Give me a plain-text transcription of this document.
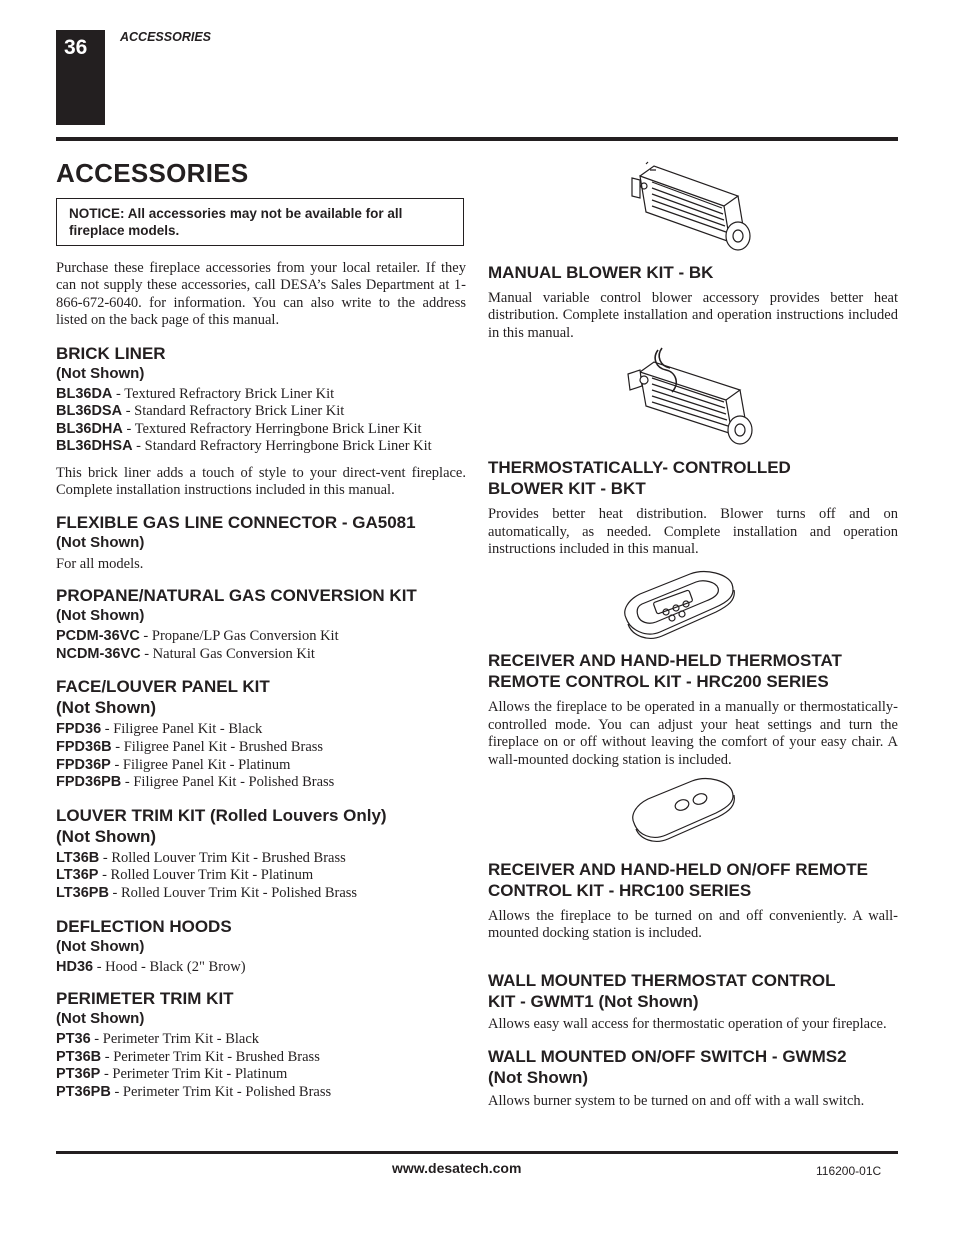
36	ACCESSORIES
ACCESSORIES
NOTICE: All accessories may not be available for all fireplace models.

Purchase these fireplace accessories from your local retailer. If they can not supply these accessories, call DESA’s Sales Department at 1-866-672-6040. for information. You can also write to the address listed on the back page of this manual.

BRICK LINER

(Not Shown)

BL36DA - Textured Refractory Brick Liner Kit

BL36DSA - Standard Refractory Brick Liner Kit

BL36DHA - Textured Refractory Herringbone Brick Liner Kit

BL36DHSA - Standard Refractory Herringbone Brick Liner Kit

This brick liner adds a touch of style to your direct-vent fireplace. Complete installation instructions included in this manual.

FLEXIBLE GAS LINE CONNECTOR - GA5081

(Not Shown)

For all models.

PROPANE/NATURAL GAS CONVERSION KIT

(Not Shown)

PCDM-36VC - Propane/LP Gas Conversion Kit

NCDM-36VC - Natural Gas Conversion Kit

FACE/LOUVER PANEL KIT

(Not Shown)

FPD36 - Filigree Panel Kit - Black

FPD36B - Filigree Panel Kit - Brushed Brass

FPD36P - Filigree Panel Kit - Platinum

FPD36PB - Filigree Panel Kit - Polished Brass

LOUVER TRIM KIT (Rolled Louvers Only)

(Not Shown)

LT36B - Rolled Louver Trim Kit - Brushed Brass

LT36P - Rolled Louver Trim Kit - Platinum

LT36PB - Rolled Louver Trim Kit - Polished Brass

DEFLECTION HOODS

(Not Shown)

HD36 - Hood - Black (2" Brow)

PERIMETER TRIM KIT

(Not Shown)

PT36 - Perimeter Trim Kit - Black

PT36B - Perimeter Trim Kit - Brushed Brass

PT36P - Perimeter Trim Kit - Platinum

PT36PB - Perimeter Trim Kit - Polished Brass

MANUAL BLOWER KIT - BK

Manual variable control blower accessory provides better heat distribution. Complete installation and operation instructions included in this manual.

THERMOSTATICALLY- CONTROLLED

BLOWER KIT - BKT

Provides better heat distribution. Blower turns off and on automatically, as needed. Complete installation and operation instructions included in this manual.

RECEIVER AND HAND-HELD THERMOSTAT

REMOTE CONTROL KIT - HRC200 SERIES

Allows the fireplace to be operated in a manually or thermostatically-controlled mode. You can adjust your heat settings and turn the fireplace on or off without leaving the comfort of your easy chair. A wall-mounted docking station is included.

RECEIVER AND HAND-HELD ON/OFF REMOTE

CONTROL KIT - HRC100 SERIES

Allows the fireplace to be turned on and off conveniently. A wall-mounted docking station is included.

WALL MOUNTED THERMOSTAT CONTROL

KIT - GWMT1 (Not Shown)

Allows easy wall access for thermostatic operation of your fireplace.

WALL MOUNTED ON/OFF SWITCH - GWMS2

(Not Shown)

Allows burner system to be turned on and off with a wall switch.

www.desatech.com	116200-01C
